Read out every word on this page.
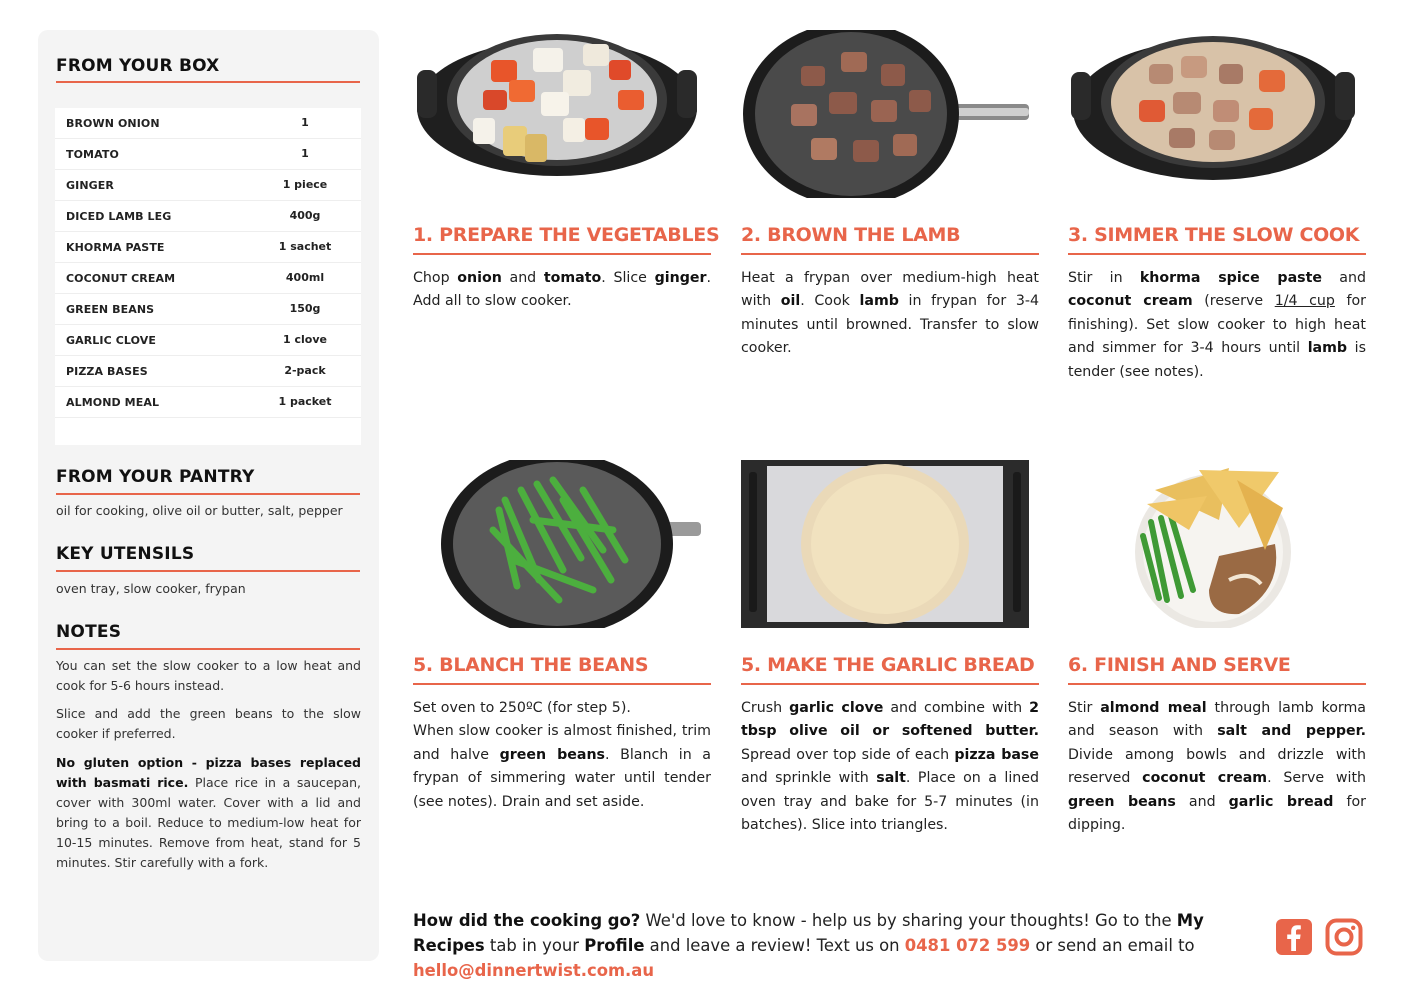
FROM YOUR BOX
BROWN ONION	1
TOMATO	1
GINGER	1 piece
DICED LAMB LEG	400g
KHORMA PASTE	1 sachet
COCONUT CREAM	400ml
GREEN BEANS	150g
GARLIC CLOVE	1 clove
PIZZA BASES	2-pack
ALMOND MEAL	1 packet
FROM YOUR PANTRY
oil for cooking, olive oil or butter, salt, pepper
KEY UTENSILS
oven tray, slow cooker, frypan
NOTES
You can set the slow cooker to a low heat and cook for 5-6 hours instead.
Slice and add the green beans to the slow cooker if preferred.
No gluten option - pizza bases replaced with basmati rice. Place rice in a saucepan, cover with 300ml water. Cover with a lid and bring to a boil. Reduce to medium-low heat for 10-15 minutes. Remove from heat, stand for 5 minutes. Stir carefully with a fork.
1. PREPARE THE VEGETABLES
Chop onion and tomato. Slice ginger. Add all to slow cooker.
2. BROWN THE LAMB
Heat a frypan over medium-high heat with oil. Cook lamb in frypan for 3-4 minutes until browned. Transfer to slow cooker.
3. SIMMER THE SLOW COOK
Stir in khorma spice paste and coconut cream (reserve 1/4 cup for finishing). Set slow cooker to high heat and simmer for 3-4 hours until lamb is tender (see notes).
5. BLANCH THE BEANS
Set oven to 250ºC (for step 5).
When slow cooker is almost finished, trim and halve green beans. Blanch in a frypan of simmering water until tender (see notes). Drain and set aside.
5. MAKE THE GARLIC BREAD
Crush garlic clove and combine with 2 tbsp olive oil or softened butter. Spread over top side of each pizza base and sprinkle with salt. Place on a lined oven tray and bake for 5-7 minutes (in batches). Slice into triangles.
6. FINISH AND SERVE
Stir almond meal through lamb korma and season with salt and pepper. Divide among bowls and drizzle with reserved coconut cream. Serve with green beans and garlic bread for dipping.
How did the cooking go? We'd love to know - help us by sharing your thoughts! Go to the My Recipes tab in your Profile and leave a review! Text us on 0481 072 599 or send an email to hello@dinnertwist.com.au
